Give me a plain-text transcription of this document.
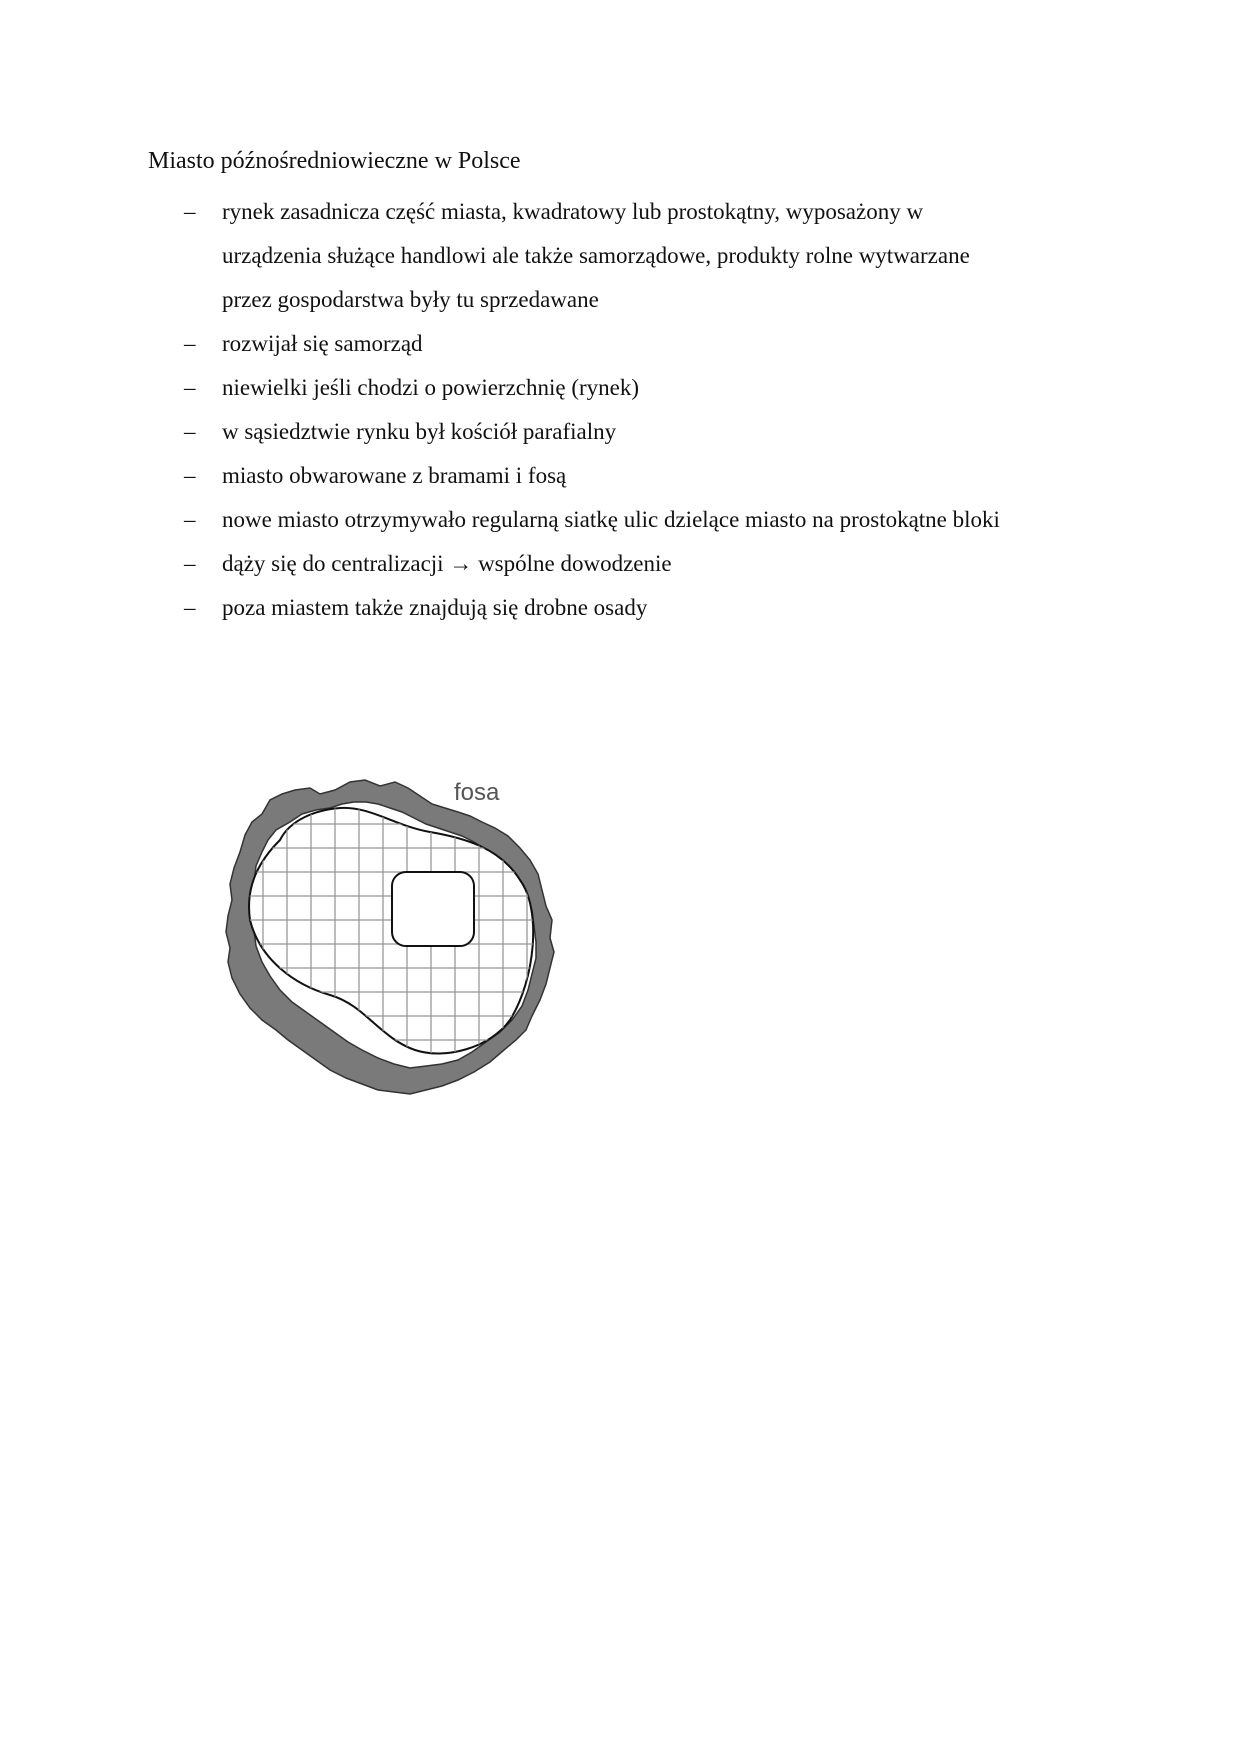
Miasto późnośredniowieczne w Polsce
– rynek zasadnicza część miasta, kwadratowy lub prostokątny, wyposażony w
urządzenia służące handlowi ale także samorządowe, produkty rolne wytwarzane
przez gospodarstwa były tu sprzedawane
– rozwijał się samorząd
– niewielki jeśli chodzi o powierzchnię (rynek)
– w sąsiedztwie rynku był kościół parafialny
– miasto obwarowane z bramami i fosą
– nowe miasto otrzymywało regularną siatkę ulic dzielące miasto na prostokątne bloki
– dąży się do centralizacji → wspólne dowodzenie
– poza miastem także znajdują się drobne osady
fosa
